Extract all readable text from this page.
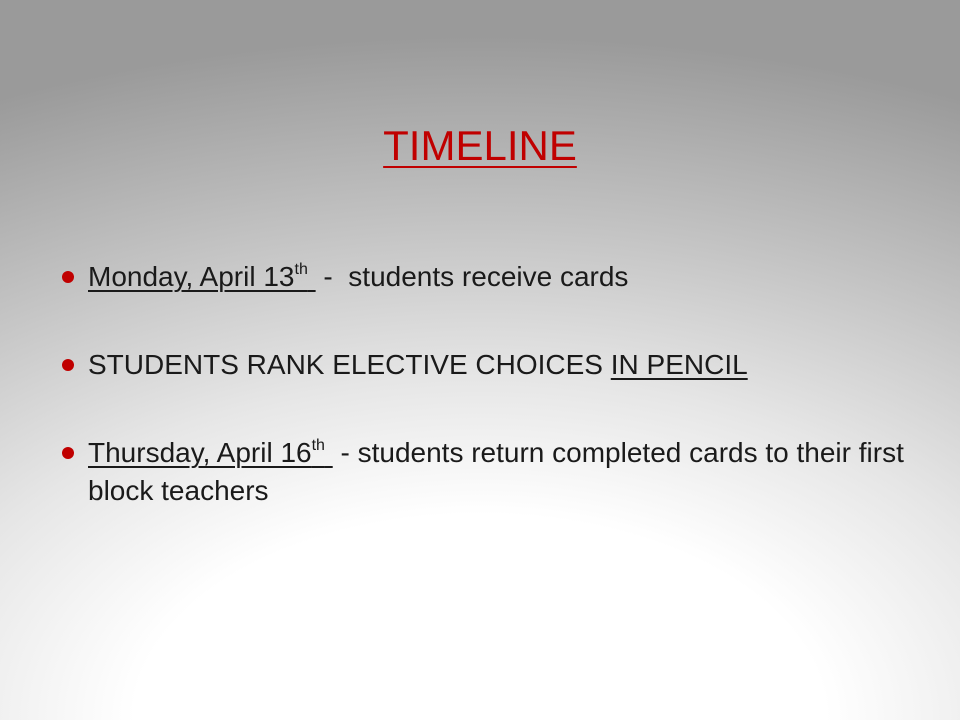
TIMELINE
Monday, April 13th -  students receive cards
STUDENTS RANK ELECTIVE CHOICES IN PENCIL
Thursday, April 16th - students return completed cards to their first block teachers
